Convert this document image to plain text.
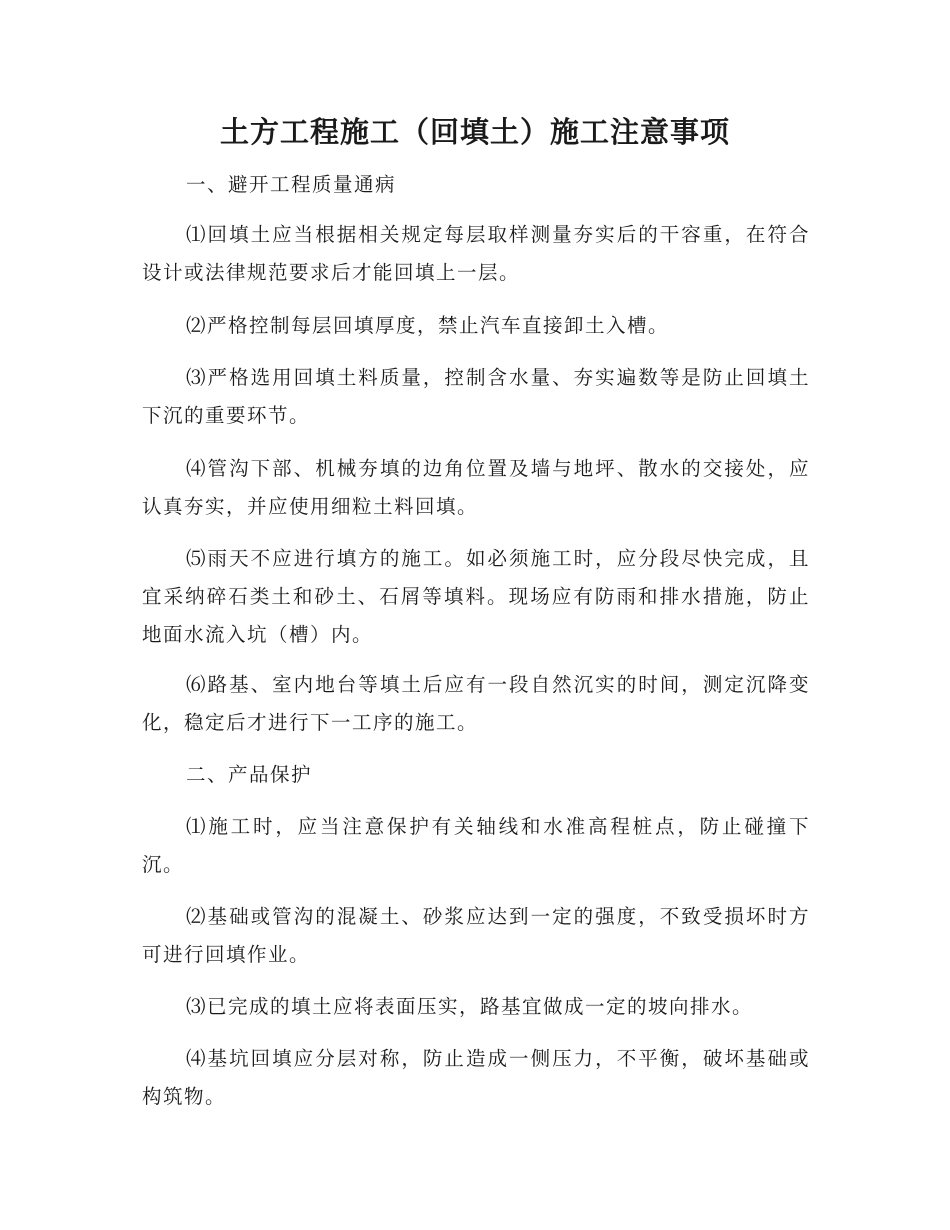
土方工程施工（回填土）施工注意事项
一、避开工程质量通病
⑴回填土应当根据相关规定每层取样测量夯实后的干容重，在符合设计或法律规范要求后才能回填上一层。
⑵严格控制每层回填厚度，禁止汽车直接卸土入槽。
⑶严格选用回填土料质量，控制含水量、夯实遍数等是防止回填土下沉的重要环节。
⑷管沟下部、机械夯填的边角位置及墙与地坪、散水的交接处，应认真夯实，并应使用细粒土料回填。
⑸雨天不应进行填方的施工。如必须施工时，应分段尽快完成，且宜采纳碎石类土和砂土、石屑等填料。现场应有防雨和排水措施，防止地面水流入坑（槽）内。
⑹路基、室内地台等填土后应有一段自然沉实的时间，测定沉降变化，稳定后才进行下一工序的施工。
二、产品保护
⑴施工时，应当注意保护有关轴线和水准高程桩点，防止碰撞下沉。
⑵基础或管沟的混凝土、砂浆应达到一定的强度，不致受损坏时方可进行回填作业。
⑶已完成的填土应将表面压实，路基宜做成一定的坡向排水。
⑷基坑回填应分层对称，防止造成一侧压力，不平衡，破坏基础或构筑物。
